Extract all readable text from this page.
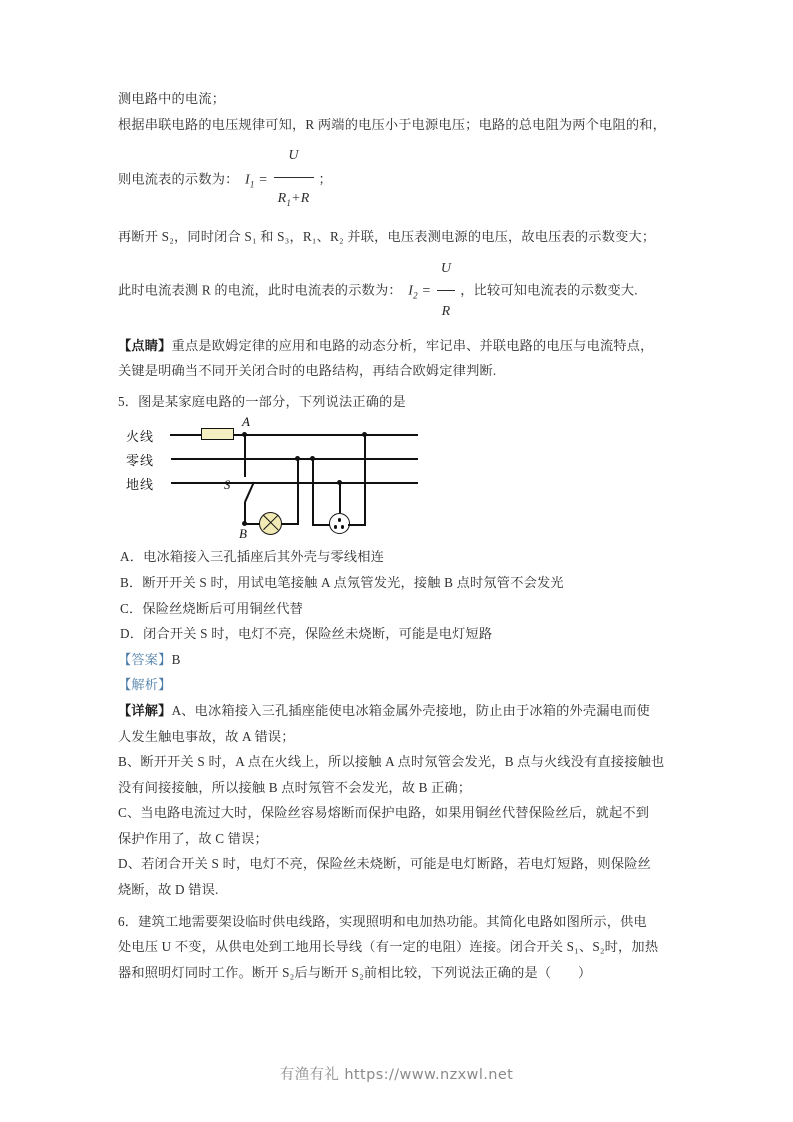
测电路中的电流；
根据串联电路的电压规律可知，R 两端的电压小于电源电压；电路的总电阻为两个电阻的和，
则电流表的示数为： $I_1 = \frac{U}{R_1+R}$ ；
再断开 S₂，同时闭合 S₁ 和 S₃，R₁、R₂ 并联，电压表测电源的电压，故电压表的示数变大；
此时电流表测 R 的电流，此时电流表的示数为： $I_2 = \frac{U}{R}$ ，比较可知电流表的示数变大.
【点睛】重点是欧姆定律的应用和电路的动态分析，牢记串、并联电路的电压与电流特点，
关键是明确当不同开关闭合时的电路结构，再结合欧姆定律判断.
5．图是某家庭电路的一部分，下列说法正确的是
火线
零线
地线
A
S
B
A．电冰箱接入三孔插座后其外壳与零线相连
B．断开开关 S 时，用试电笔接触 A 点氖管发光，接触 B 点时氖管不会发光
C．保险丝烧断后可用铜丝代替
D．闭合开关 S 时，电灯不亮，保险丝未烧断，可能是电灯短路
【答案】B
【解析】
【详解】A、电冰箱接入三孔插座能使电冰箱金属外壳接地，防止由于冰箱的外壳漏电而使
人发生触电事故，故 A 错误；
B、断开开关 S 时，A 点在火线上，所以接触 A 点时氖管会发光，B 点与火线没有直接接触也
没有间接接触，所以接触 B 点时氖管不会发光，故 B 正确；
C、当电路电流过大时，保险丝容易熔断而保护电路，如果用铜丝代替保险丝后，就起不到
保护作用了，故 C 错误；
D、若闭合开关 S 时，电灯不亮，保险丝未烧断，可能是电灯断路，若电灯短路，则保险丝
烧断，故 D 错误.
6．建筑工地需要架设临时供电线路，实现照明和电加热功能。其简化电路如图所示，供电
处电压 U 不变，从供电处到工地用长导线（有一定的电阻）连接。闭合开关 S₁、S₂时，加热
器和照明灯同时工作。断开 S₂后与断开 S₂前相比较，下列说法正确的是（　　）
有渔有礼 https://www.nzxwl.net
